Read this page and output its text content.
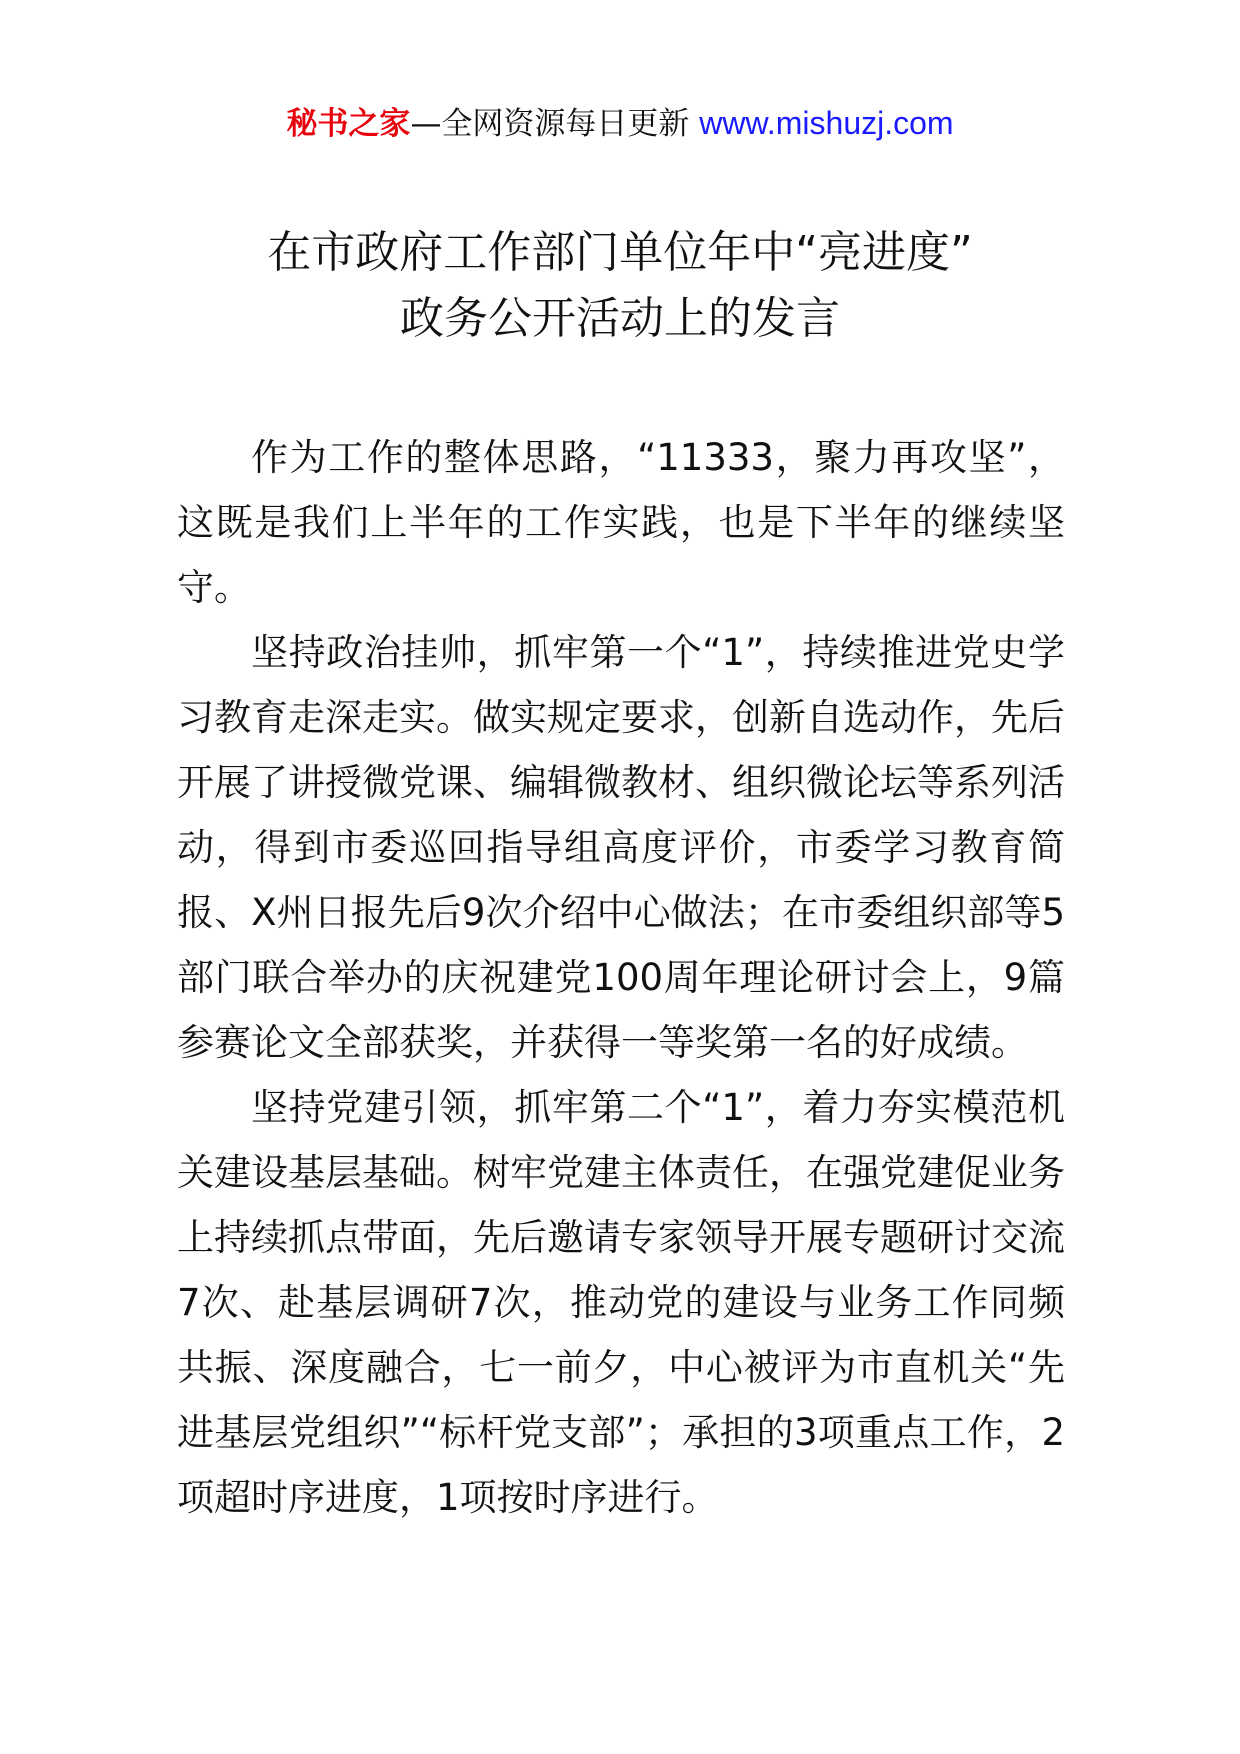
秘书之家—全网资源每日更新 www.mishuzj.com
在市政府工作部门单位年中“亮进度”
政务公开活动上的发言

作为工作的整体思路，“11333，聚力再攻坚”，这既是我们上半年的工作实践，也是下半年的继续坚守。

坚持政治挂帅，抓牢第一个“1”，持续推进党史学习教育走深走实。做实规定要求，创新自选动作，先后开展了讲授微党课、编辑微教材、组织微论坛等系列活动，得到市委巡回指导组高度评价，市委学习教育简报、X州日报先后9次介绍中心做法；在市委组织部等5部门联合举办的庆祝建党100周年理论研讨会上，9篇参赛论文全部获奖，并获得一等奖第一名的好成绩。

坚持党建引领，抓牢第二个“1”，着力夯实模范机关建设基层基础。树牢党建主体责任，在强党建促业务上持续抓点带面，先后邀请专家领导开展专题研讨交流7次、赴基层调研7次，推动党的建设与业务工作同频共振、深度融合，七一前夕，中心被评为市直机关“先进基层党组织”“标杆党支部”；承担的3项重点工作，2项超时序进度，1项按时序进行。
